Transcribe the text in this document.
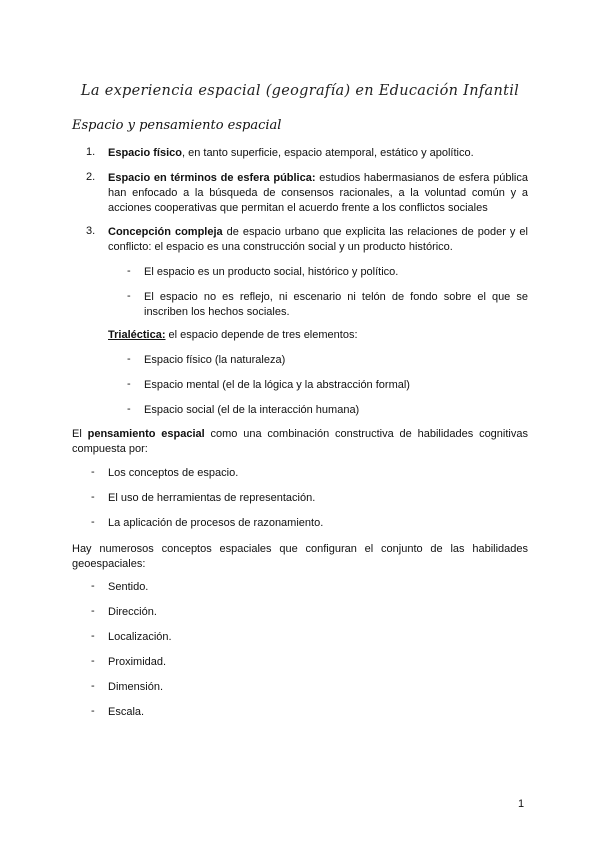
La experiencia espacial (geografía) en Educación Infantil
Espacio y pensamiento espacial
1. Espacio físico, en tanto superficie, espacio atemporal, estático y apolítico.
2. Espacio en términos de esfera pública: estudios habermasianos de esfera pública han enfocado a la búsqueda de consensos racionales, a la voluntad común y a acciones cooperativas que permitan el acuerdo frente a los conflictos sociales
3. Concepción compleja de espacio urbano que explicita las relaciones de poder y el conflicto: el espacio es una construcción social y un producto histórico.
- El espacio es un producto social, histórico y político.
- El espacio no es reflejo, ni escenario ni telón de fondo sobre el que se inscriben los hechos sociales.
Trialéctica: el espacio depende de tres elementos:
- Espacio físico (la naturaleza)
- Espacio mental (el de la lógica y la abstracción formal)
- Espacio social (el de la interacción humana)
El pensamiento espacial como una combinación constructiva de habilidades cognitivas compuesta por:
- Los conceptos de espacio.
- El uso de herramientas de representación.
- La aplicación de procesos de razonamiento.
Hay numerosos conceptos espaciales que configuran el conjunto de las habilidades geoespaciales:
- Sentido.
- Dirección.
- Localización.
- Proximidad.
- Dimensión.
- Escala.
1
